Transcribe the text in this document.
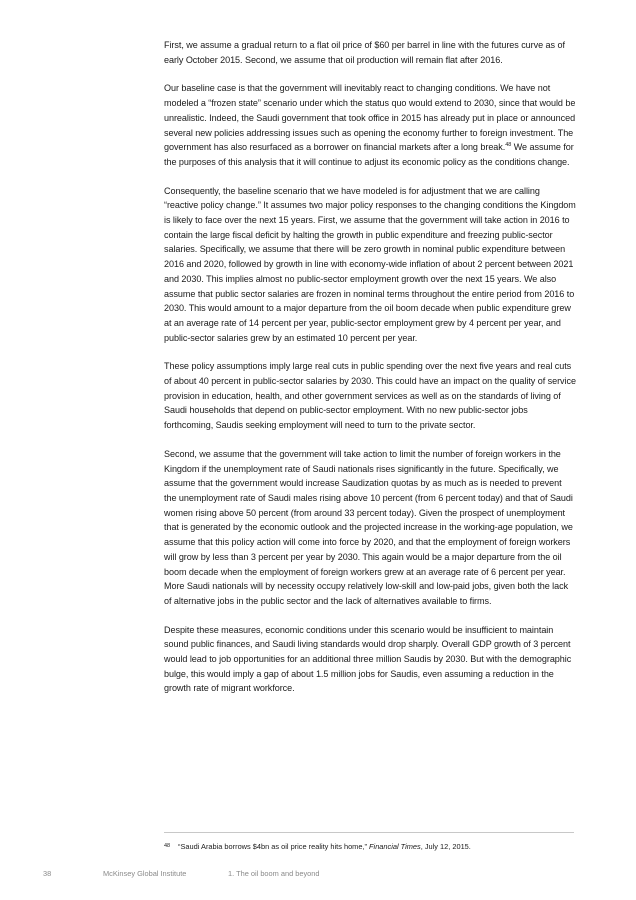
First, we assume a gradual return to a flat oil price of $60 per barrel in line with the futures curve as of early October 2015. Second, we assume that oil production will remain flat after 2016.

Our baseline case is that the government will inevitably react to changing conditions. We have not modeled a “frozen state” scenario under which the status quo would extend to 2030, since that would be unrealistic. Indeed, the Saudi government that took office in 2015 has already put in place or announced several new policies addressing issues such as opening the economy further to foreign investment. The government has also resurfaced as a borrower on financial markets after a long break.$^{48}$ We assume for the purposes of this analysis that it will continue to adjust its economic policy as the conditions change.

Consequently, the baseline scenario that we have modeled is for adjustment that we are calling “reactive policy change.” It assumes two major policy responses to the changing conditions the Kingdom is likely to face over the next 15 years. First, we assume that the government will take action in 2016 to contain the large fiscal deficit by halting the growth in public expenditure and freezing public-sector salaries. Specifically, we assume that there will be zero growth in nominal public expenditure between 2016 and 2020, followed by growth in line with economy-wide inflation of about 2 percent between 2021 and 2030. This implies almost no public-sector employment growth over the next 15 years. We also assume that public sector salaries are frozen in nominal terms throughout the entire period from 2016 to 2030. This would amount to a major departure from the oil boom decade when public expenditure grew at an average rate of 14 percent per year, public-sector employment grew by 4 percent per year, and public-sector salaries grew by an estimated 10 percent per year.

These policy assumptions imply large real cuts in public spending over the next five years and real cuts of about 40 percent in public-sector salaries by 2030. This could have an impact on the quality of service provision in education, health, and other government services as well as on the standards of living of Saudi households that depend on public-sector employment. With no new public-sector jobs forthcoming, Saudis seeking employment will need to turn to the private sector.

Second, we assume that the government will take action to limit the number of foreign workers in the Kingdom if the unemployment rate of Saudi nationals rises significantly in the future. Specifically, we assume that the government would increase Saudization quotas by as much as is needed to prevent the unemployment rate of Saudi males rising above 10 percent (from 6 percent today) and that of Saudi women rising above 50 percent (from around 33 percent today). Given the prospect of unemployment that is generated by the economic outlook and the projected increase in the working-age population, we assume that this policy action will come into force by 2020, and that the employment of foreign workers will grow by less than 3 percent per year by 2030. This again would be a major departure from the oil boom decade when the employment of foreign workers grew at an average rate of 6 percent per year. More Saudi nationals will by necessity occupy relatively low-skill and low-paid jobs, given both the lack of alternative jobs in the public sector and the lack of alternatives available to firms.

Despite these measures, economic conditions under this scenario would be insufficient to maintain sound public finances, and Saudi living standards would drop sharply. Overall GDP growth of 3 percent would lead to job opportunities for an additional three million Saudis by 2030. But with the demographic bulge, this would imply a gap of about 1.5 million jobs for Saudis, even assuming a reduction in the growth rate of migrant workforce.

48 “Saudi Arabia borrows $4bn as oil price reality hits home,” Financial Times, July 12, 2015.
38	McKinsey Global Institute	1. The oil boom and beyond
